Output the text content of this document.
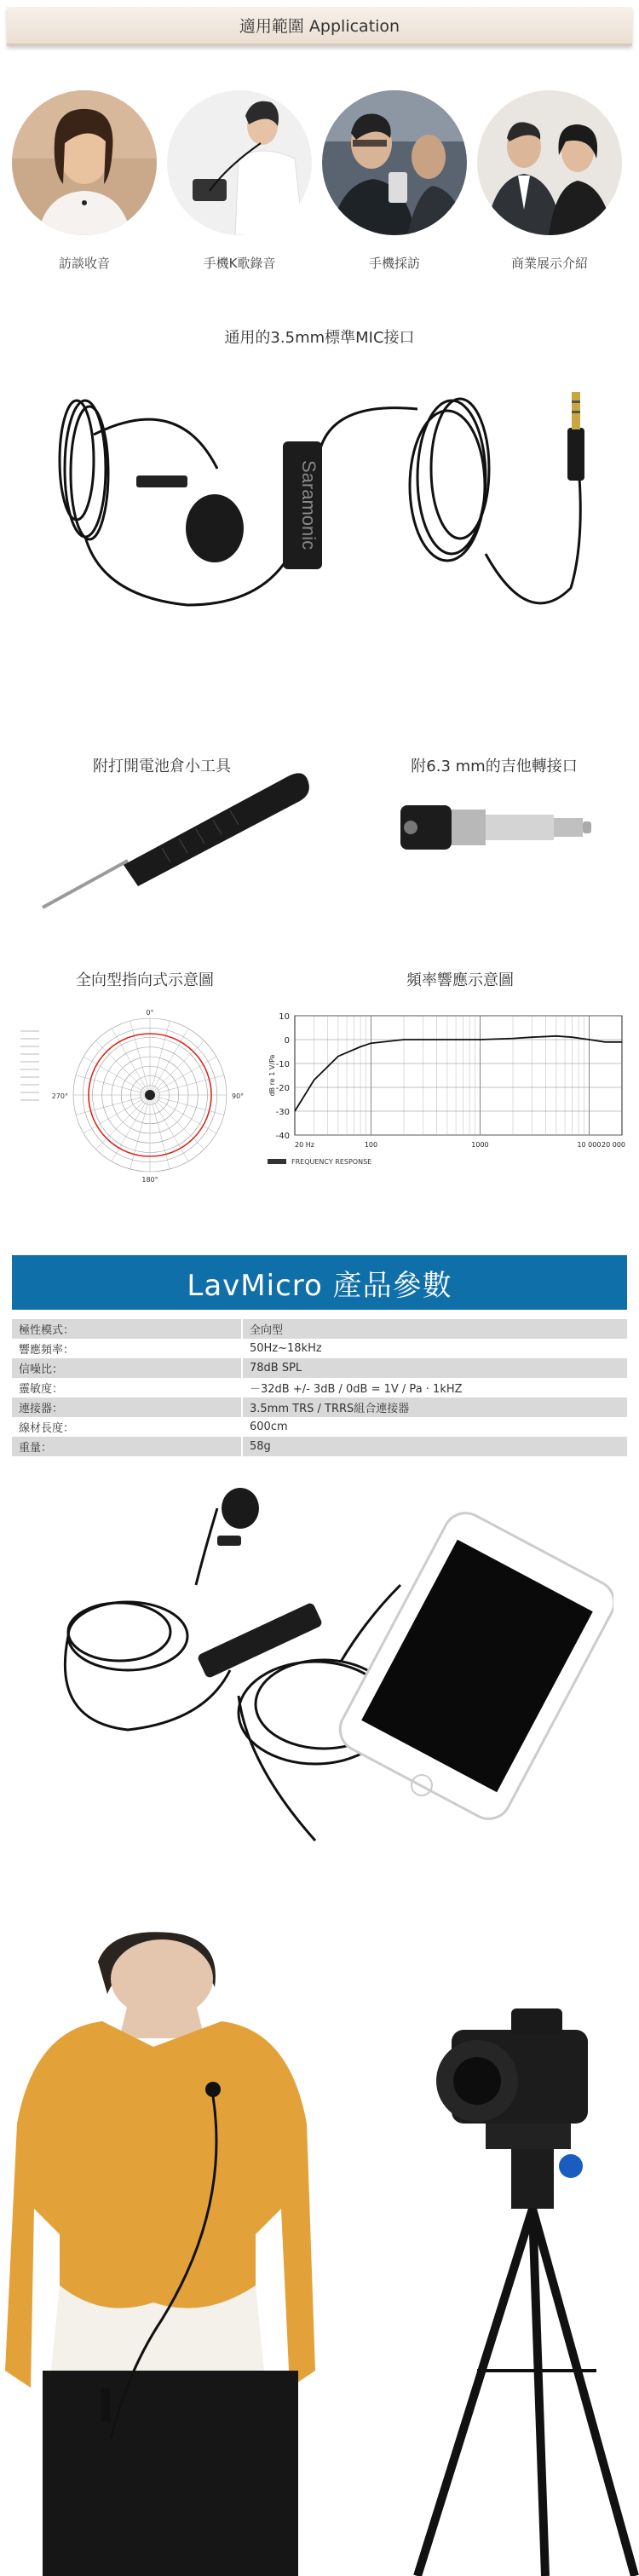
適用範圍 Application
訪談收音	手機K歌錄音	手機採訪	商業展示介紹
通用的3.5mm標準MIC接口
Saramonic
附打開電池倉小工具	附6.3 mm的吉他轉接口
全向型指向式示意圖	頻率響應示意圖
0°
90°
180°
270°
10
0
-10
-20
-30
-40
20 Hz	100	1000	10 000 20 000
dB re 1 V/Pa
FREQUENCY RESPONSE
LavMicro 產品參數
極性模式：	全向型
響應頻率：	50Hz~18kHz
信噪比：	78dB SPL
靈敏度：	－32dB +/- 3dB / 0dB = 1V / Pa · 1kHZ
連接器：	3.5mm TRS / TRRS組合連接器
線材長度：	600cm
重量：	58g
